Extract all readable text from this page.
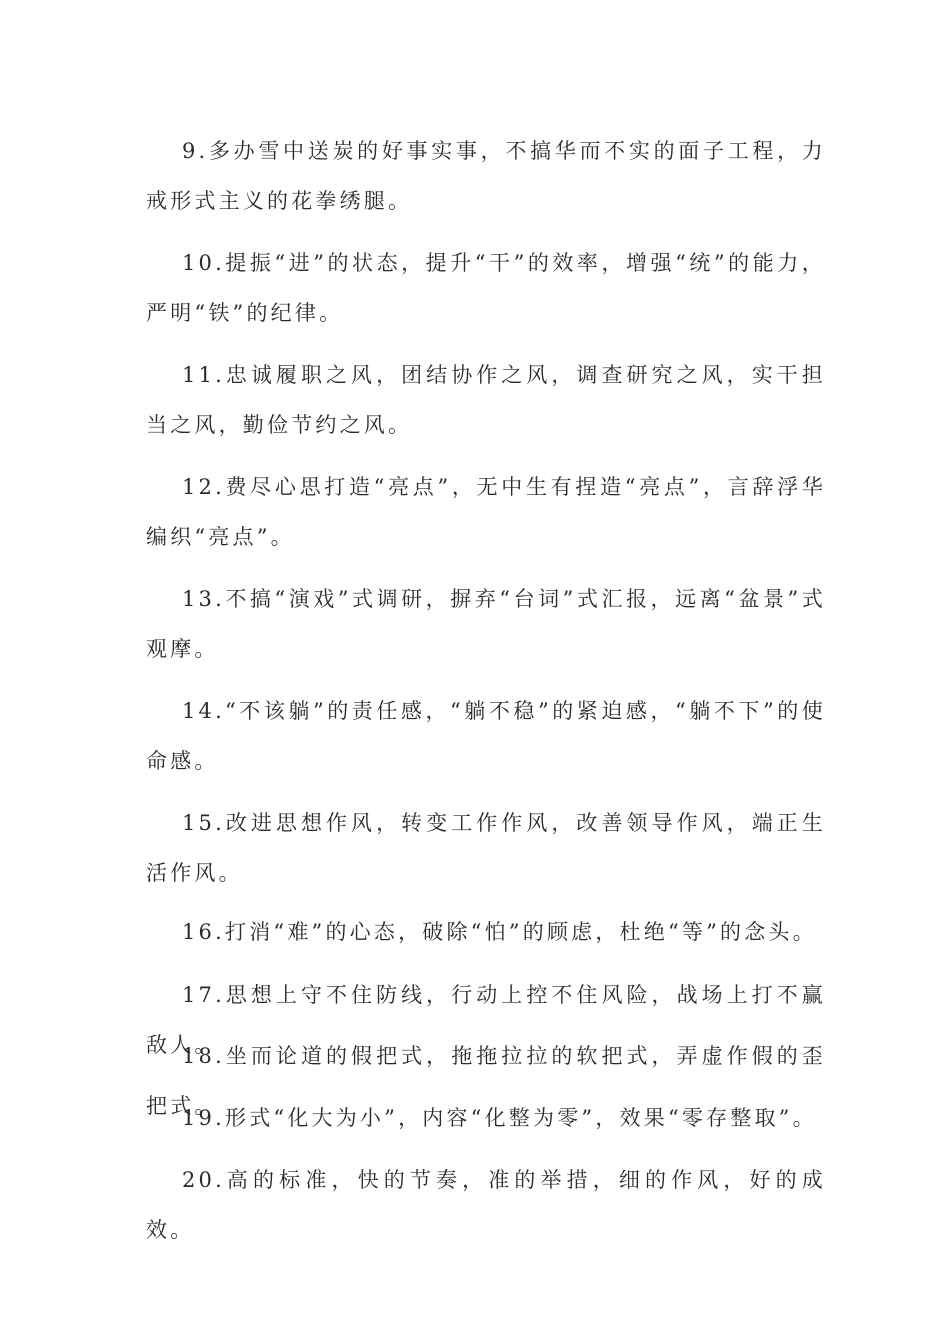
9.多办雪中送炭的好事实事，不搞华而不实的面子工程，力戒形式主义的花拳绣腿。

10.提振“进”的状态，提升“干”的效率，增强“统”的能力，严明“铁”的纪律。

11.忠诚履职之风，团结协作之风，调查研究之风，实干担当之风，勤俭节约之风。

12.费尽心思打造“亮点”，无中生有捏造“亮点”，言辞浮华编织“亮点”。

13.不搞“演戏”式调研，摒弃“台词”式汇报，远离“盆景”式观摩。

14.“不该躺”的责任感，“躺不稳”的紧迫感，“躺不下”的使命感。

15.改进思想作风，转变工作作风，改善领导作风，端正生活作风。

16.打消“难”的心态，破除“怕”的顾虑，杜绝“等”的念头。

17.思想上守不住防线，行动上控不住风险，战场上打不赢敌人。

18.坐而论道的假把式，拖拖拉拉的软把式，弄虚作假的歪把式。

19.形式“化大为小”，内容“化整为零”，效果“零存整取”。

20.高的标准，快的节奏，准的举措，细的作风，好的成效。
